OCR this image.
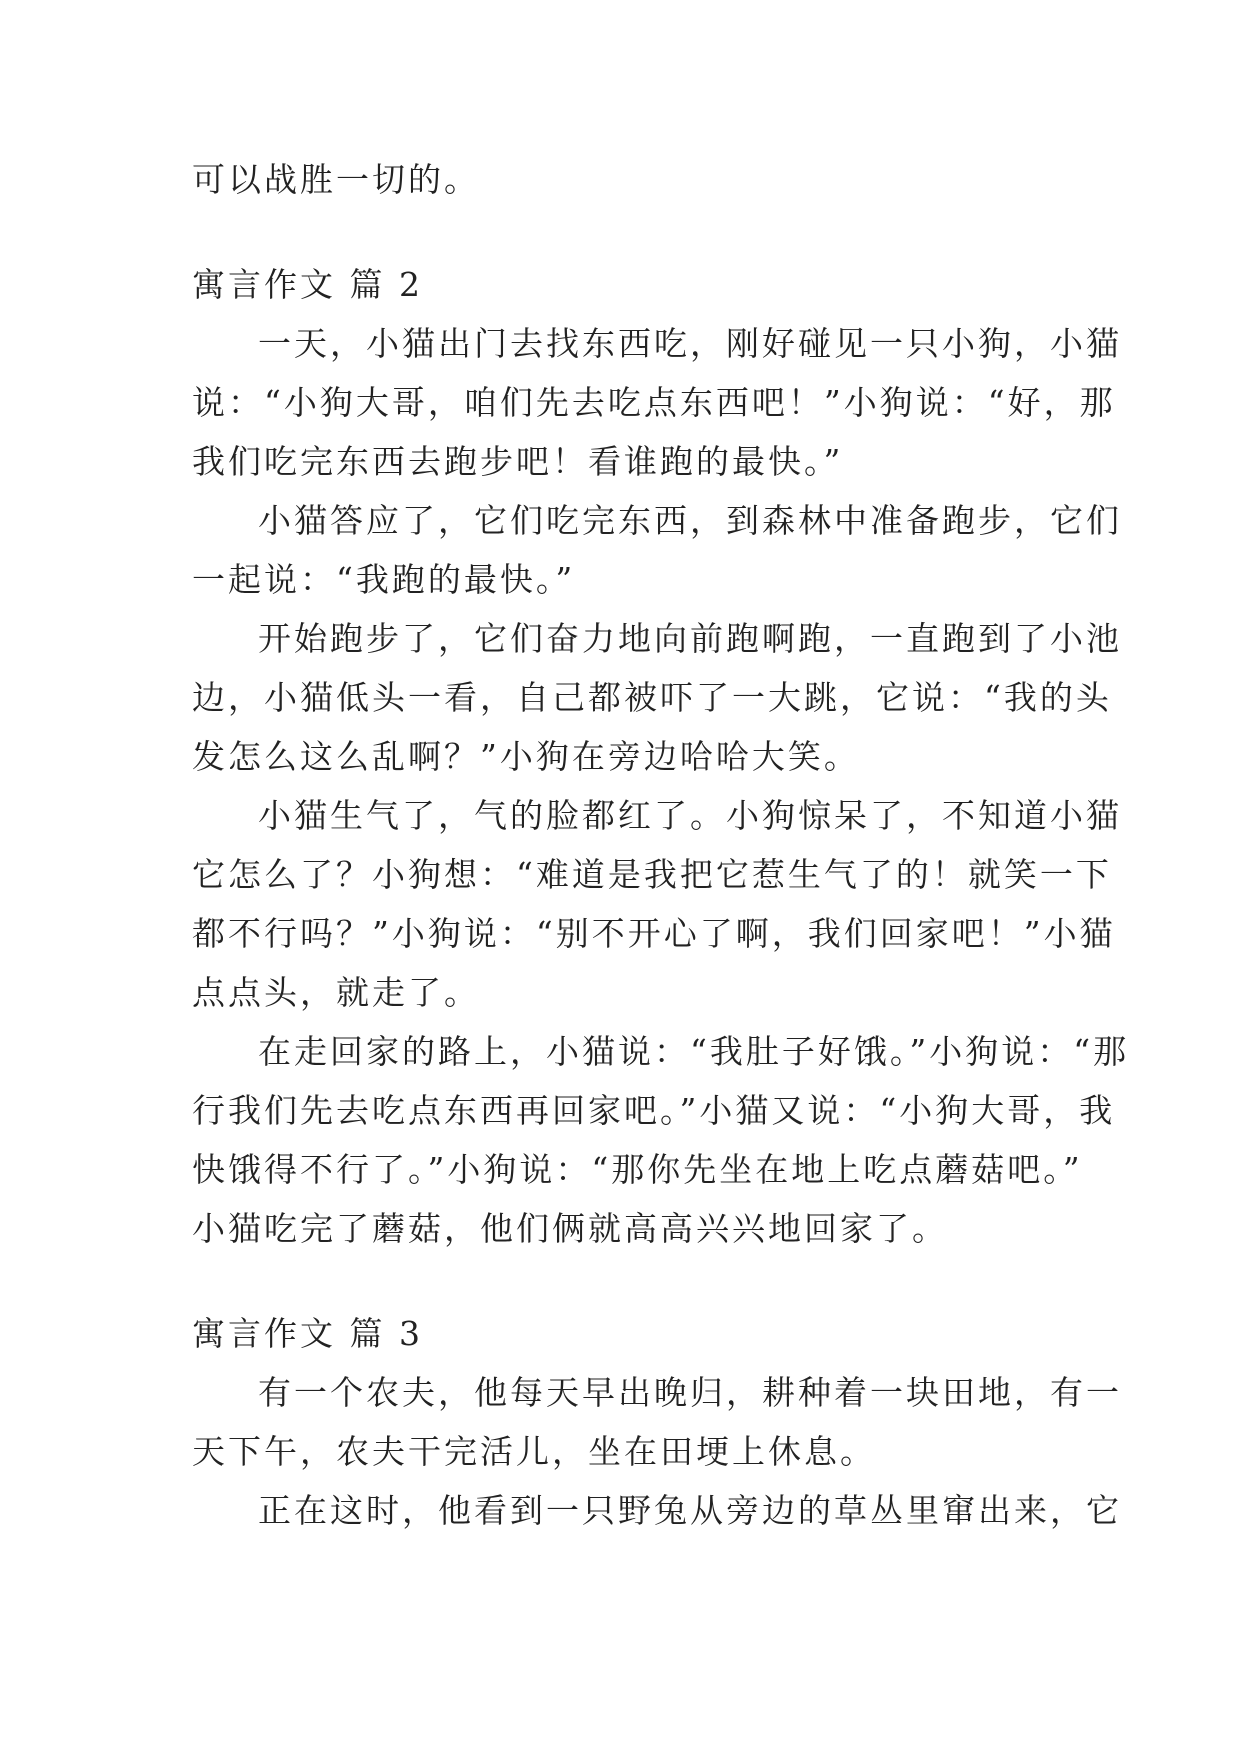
可以战胜一切的。

寓言作文 篇 2

一天，小猫出门去找东西吃，刚好碰见一只小狗，小猫

说：“小狗大哥，咱们先去吃点东西吧！”小狗说：“好，那

我们吃完东西去跑步吧！看谁跑的最快。”

小猫答应了，它们吃完东西，到森林中准备跑步，它们

一起说：“我跑的最快。”

开始跑步了，它们奋力地向前跑啊跑，一直跑到了小池

边，小猫低头一看，自己都被吓了一大跳，它说：“我的头

发怎么这么乱啊？”小狗在旁边哈哈大笑。

小猫生气了，气的脸都红了。小狗惊呆了，不知道小猫

它怎么了？小狗想：“难道是我把它惹生气了的！就笑一下

都不行吗？”小狗说：“别不开心了啊，我们回家吧！”小猫

点点头，就走了。

在走回家的路上，小猫说：“我肚子好饿。”小狗说：“那

行我们先去吃点东西再回家吧。”小猫又说：“小狗大哥，我

快饿得不行了。”小狗说：“那你先坐在地上吃点蘑菇吧。”

小猫吃完了蘑菇，他们俩就高高兴兴地回家了。

寓言作文 篇 3

有一个农夫，他每天早出晚归，耕种着一块田地，有一

天下午，农夫干完活儿，坐在田埂上休息。

正在这时，他看到一只野兔从旁边的草丛里窜出来，它
